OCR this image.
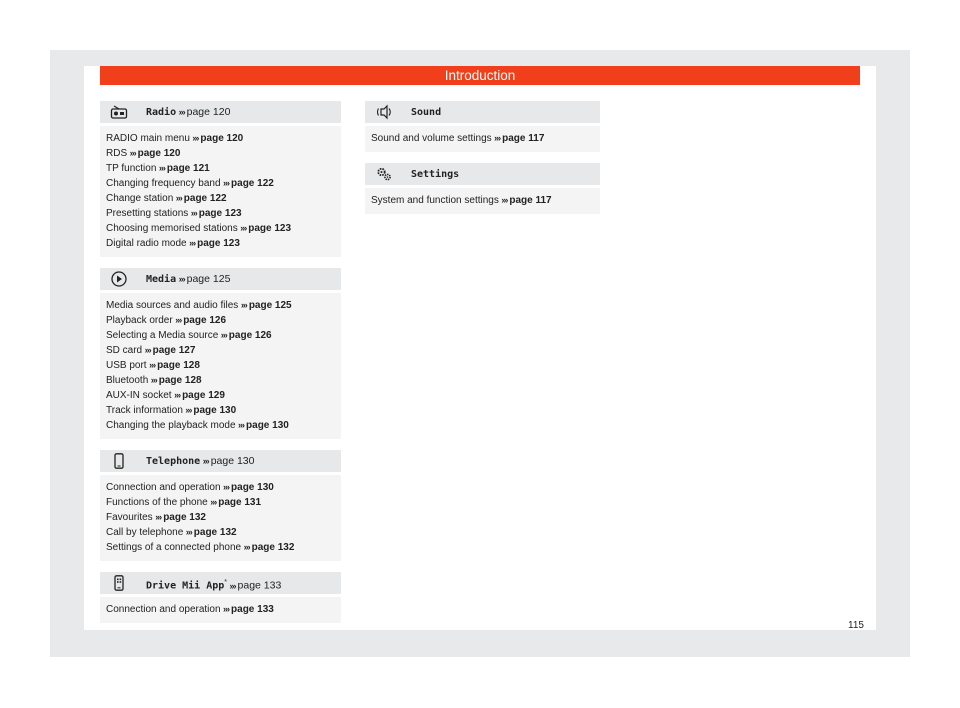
Introduction
Radio ››› page 120
RADIO main menu ››› page 120
RDS ››› page 120
TP function ››› page 121
Changing frequency band ››› page 122
Change station ››› page 122
Presetting stations ››› page 123
Choosing memorised stations ››› page 123
Digital radio mode ››› page 123
Media ››› page 125
Media sources and audio files ››› page 125
Playback order ››› page 126
Selecting a Media source ››› page 126
SD card ››› page 127
USB port ››› page 128
Bluetooth ››› page 128
AUX-IN socket ››› page 129
Track information ››› page 130
Changing the playback mode ››› page 130
Telephone ››› page 130
Connection and operation ››› page 130
Functions of the phone ››› page 131
Favourites ››› page 132
Call by telephone ››› page 132
Settings of a connected phone ››› page 132
Drive Mii App* ››› page 133
Connection and operation ››› page 133
Sound
Sound and volume settings ››› page 117
Settings
System and function settings ››› page 117
115
